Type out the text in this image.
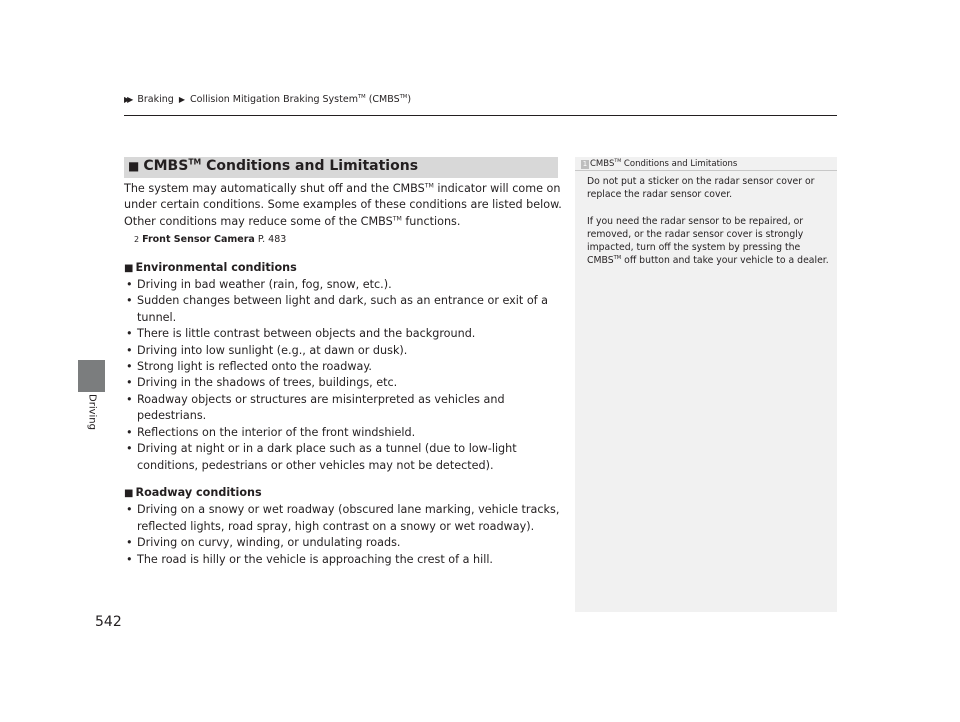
▶▶ Braking ▶ Collision Mitigation Braking System™ (CMBS™)
Driving
542
■ CMBS™ Conditions and Limitations

The system may automatically shut off and the CMBS™ indicator will come on under certain conditions. Some examples of these conditions are listed below. Other conditions may reduce some of the CMBS™ functions.

2 Front Sensor Camera P. 483
■ Environmental conditions
• Driving in bad weather (rain, fog, snow, etc.).
• Sudden changes between light and dark, such as an entrance or exit of a tunnel.
• There is little contrast between objects and the background.
• Driving into low sunlight (e.g., at dawn or dusk).
• Strong light is reflected onto the roadway.
• Driving in the shadows of trees, buildings, etc.
• Roadway objects or structures are misinterpreted as vehicles and pedestrians.
• Reflections on the interior of the front windshield.
• Driving at night or in a dark place such as a tunnel (due to low-light conditions, pedestrians or other vehicles may not be detected).
■ Roadway conditions
• Driving on a snowy or wet roadway (obscured lane marking, vehicle tracks, reflected lights, road spray, high contrast on a snowy or wet roadway).
• Driving on curvy, winding, or undulating roads.
• The road is hilly or the vehicle is approaching the crest of a hill.
1 CMBS™ Conditions and Limitations

Do not put a sticker on the radar sensor cover or replace the radar sensor cover.

If you need the radar sensor to be repaired, or removed, or the radar sensor cover is strongly impacted, turn off the system by pressing the CMBS™ off button and take your vehicle to a dealer.
